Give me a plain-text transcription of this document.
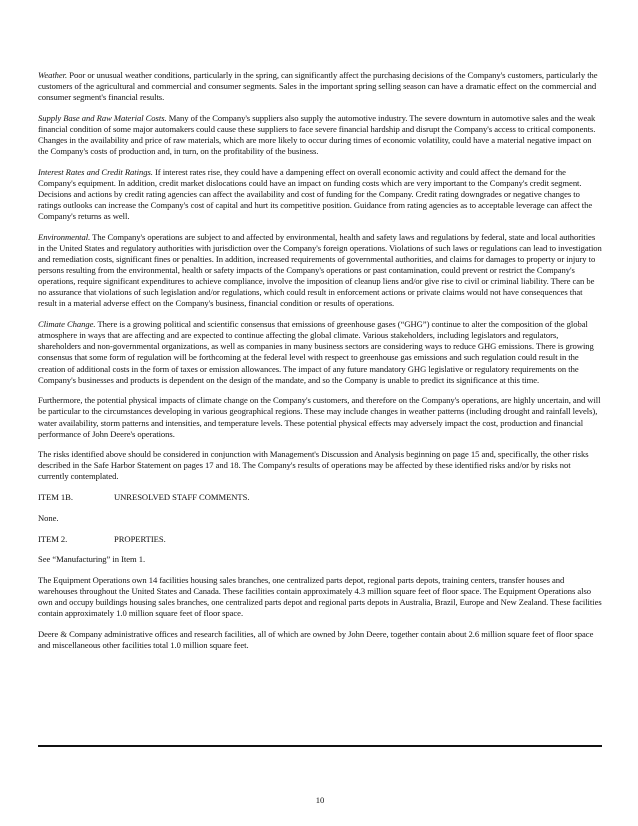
Weather. Poor or unusual weather conditions, particularly in the spring, can significantly affect the purchasing decisions of the Company's customers, particularly the customers of the agricultural and commercial and consumer segments. Sales in the important spring selling season can have a dramatic effect on the commercial and consumer segment's financial results.

Supply Base and Raw Material Costs. Many of the Company's suppliers also supply the automotive industry. The severe downturn in automotive sales and the weak financial condition of some major automakers could cause these suppliers to face severe financial hardship and disrupt the Company's access to critical components. Changes in the availability and price of raw materials, which are more likely to occur during times of economic volatility, could have a material negative impact on the Company's costs of production and, in turn, on the profitability of the business.

Interest Rates and Credit Ratings. If interest rates rise, they could have a dampening effect on overall economic activity and could affect the demand for the Company's equipment. In addition, credit market dislocations could have an impact on funding costs which are very important to the Company's credit segment. Decisions and actions by credit rating agencies can affect the availability and cost of funding for the Company. Credit rating downgrades or negative changes to ratings outlooks can increase the Company's cost of capital and hurt its competitive position. Guidance from rating agencies as to acceptable leverage can affect the Company's returns as well.

Environmental. The Company's operations are subject to and affected by environmental, health and safety laws and regulations by federal, state and local authorities in the United States and regulatory authorities with jurisdiction over the Company's foreign operations. Violations of such laws or regulations can lead to investigation and remediation costs, significant fines or penalties. In addition, increased requirements of governmental authorities, and claims for damages to property or injury to persons resulting from the environmental, health or safety impacts of the Company's operations or past contamination, could prevent or restrict the Company's operations, require significant expenditures to achieve compliance, involve the imposition of cleanup liens and/or give rise to civil or criminal liability. There can be no assurance that violations of such legislation and/or regulations, which could result in enforcement actions or private claims would not have consequences that result in a material adverse effect on the Company's business, financial condition or results of operations.

Climate Change. There is a growing political and scientific consensus that emissions of greenhouse gases (“GHG”) continue to alter the composition of the global atmosphere in ways that are affecting and are expected to continue affecting the global climate. Various stakeholders, including legislators and regulators, shareholders and non-governmental organizations, as well as companies in many business sectors are considering ways to reduce GHG emissions. There is growing consensus that some form of regulation will be forthcoming at the federal level with respect to greenhouse gas emissions and such regulation could result in the creation of additional costs in the form of taxes or emission allowances. The impact of any future mandatory GHG legislative or regulatory requirements on the Company's businesses and products is dependent on the design of the mandate, and so the Company is unable to predict its significance at this time.

Furthermore, the potential physical impacts of climate change on the Company's customers, and therefore on the Company's operations, are highly uncertain, and will be particular to the circumstances developing in various geographical regions. These may include changes in weather patterns (including drought and rainfall levels), water availability, storm patterns and intensities, and temperature levels. These potential physical effects may adversely impact the cost, production and financial performance of John Deere's operations.

The risks identified above should be considered in conjunction with Management's Discussion and Analysis beginning on page 15 and, specifically, the other risks described in the Safe Harbor Statement on pages 17 and 18. The Company's results of operations may be affected by these identified risks and/or by risks not currently contemplated.

ITEM 1B.	UNRESOLVED STAFF COMMENTS.

None.

ITEM 2.	PROPERTIES.

See “Manufacturing” in Item 1.

The Equipment Operations own 14 facilities housing sales branches, one centralized parts depot, regional parts depots, training centers, transfer houses and warehouses throughout the United States and Canada. These facilities contain approximately 4.3 million square feet of floor space. The Equipment Operations also own and occupy buildings housing sales branches, one centralized parts depot and regional parts depots in Australia, Brazil, Europe and New Zealand. These facilities contain approximately 1.0 million square feet of floor space.

Deere & Company administrative offices and research facilities, all of which are owned by John Deere, together contain about 2.6 million square feet of floor space and miscellaneous other facilities total 1.0 million square feet.

10
